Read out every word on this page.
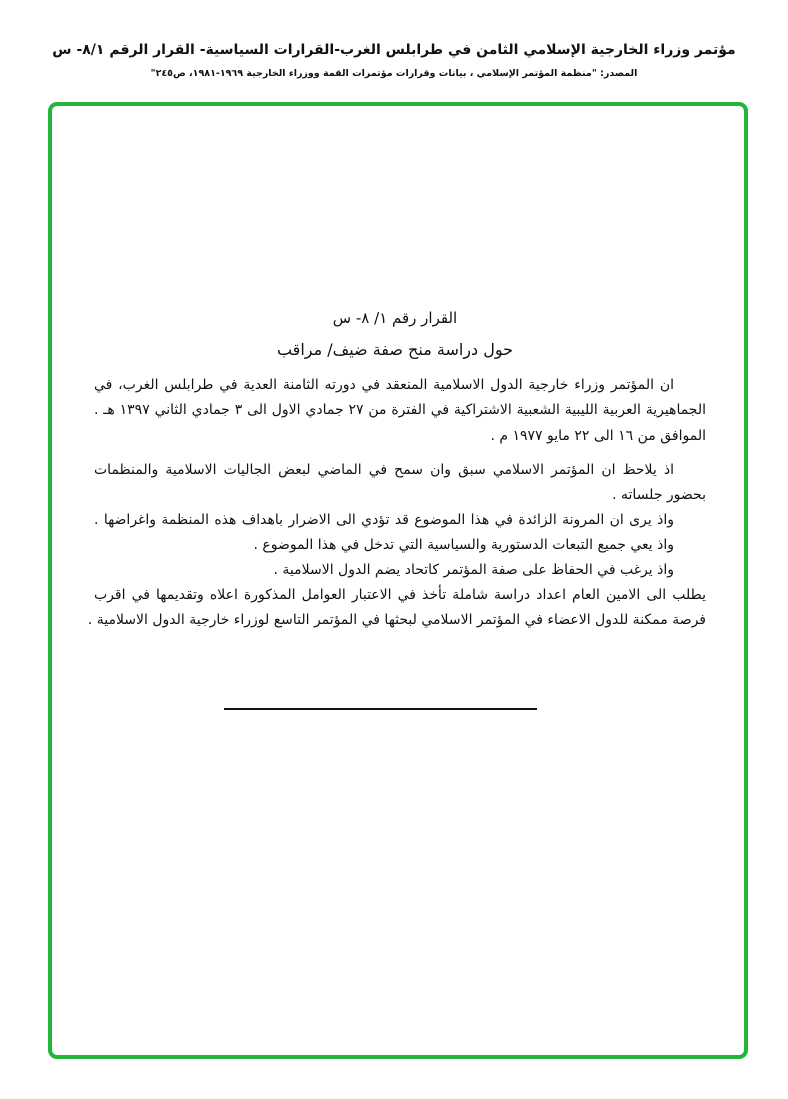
مؤتمر وزراء الخارجية الإسلامي الثامن في طرابلس الغرب-القرارات السياسية- القرار الرقم ٨/١- س
المصدر: "منظمة المؤتمر الإسلامي ، بيانات وقرارات مؤتمرات القمة ووزراء الخارجية ١٩٦٩-١٩٨١، ص٢٤٥"
القرار رقم ١/ ٨- س
حول دراسة منح صفة ضيف/ مراقب
ان المؤتمر وزراء خارجية الدول الاسلامية المنعقد في دورته الثامنة العدية في طرابلس الغرب، في
الجماهيرية العربية الليبية الشعبية الاشتراكية في الفترة من ٢٧ جمادي الاول الى ٣ جمادي الثاني ١٣٩٧ هـ .
الموافق من ١٦ الى ٢٢ مايو ١٩٧٧ م .
اذ يلاحظ ان المؤتمر الاسلامي سبق وان سمح في الماضي لبعض الجاليات الاسلامية والمنظمات
بحضور جلساته .
واذ يرى ان المرونة الزائدة في هذا الموضوع قد تؤدي الى الاضرار باهداف هذه المنظمة واغراضها .
واذ يعي جميع التبعات الدستورية والسياسية التي تدخل في هذا الموضوع .
واذ يرغب في الحفاظ على صفة المؤتمر كاتحاد يضم الدول الاسلامية .
يطلب الى الامين العام اعداد دراسة شاملة تأخذ في الاعتبار العوامل المذكورة اعلاه وتقديمها في اقرب
فرصة ممكنة للدول الاعضاء في المؤتمر الاسلامي لبحثها في المؤتمر التاسع لوزراء خارجية الدول الاسلامية .
